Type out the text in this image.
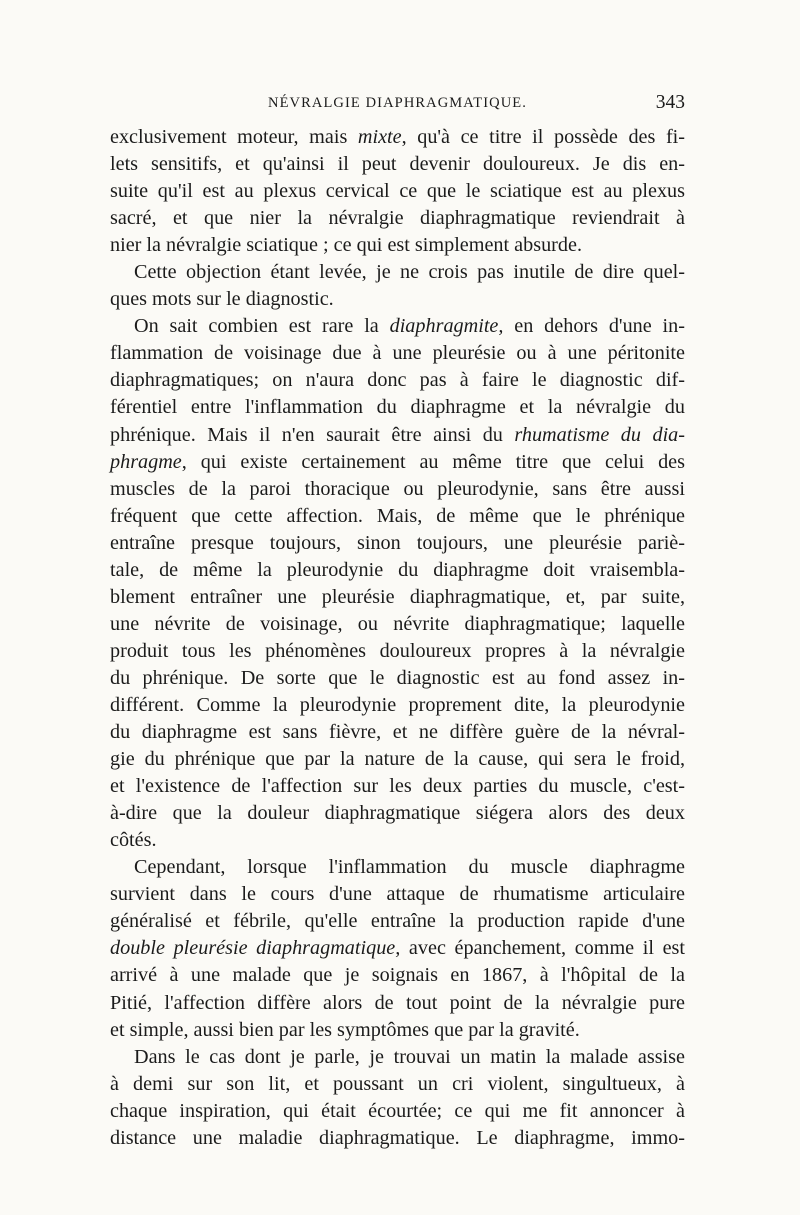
NÉVRALGIE DIAPHRAGMATIQUE.	343
exclusivement moteur, mais mixte, qu'à ce titre il possède des fi-
lets sensitifs, et qu'ainsi il peut devenir douloureux. Je dis en-
suite qu'il est au plexus cervical ce que le sciatique est au plexus
sacré, et que nier la névralgie diaphragmatique reviendrait à
nier la névralgie sciatique ; ce qui est simplement absurde.
Cette objection étant levée, je ne crois pas inutile de dire quel-
ques mots sur le diagnostic.
On sait combien est rare la diaphragmite, en dehors d'une in-
flammation de voisinage due à une pleurésie ou à une péritonite
diaphragmatiques; on n'aura donc pas à faire le diagnostic dif-
férentiel entre l'inflammation du diaphragme et la névralgie du
phrénique. Mais il n'en saurait être ainsi du rhumatisme du dia-
phragme, qui existe certainement au même titre que celui des
muscles de la paroi thoracique ou pleurodynie, sans être aussi
fréquent que cette affection. Mais, de même que le phrénique
entraîne presque toujours, sinon toujours, une pleurésie pariè-
tale, de même la pleurodynie du diaphragme doit vraisembla-
blement entraîner une pleurésie diaphragmatique, et, par suite,
une névrite de voisinage, ou névrite diaphragmatique; laquelle
produit tous les phénomènes douloureux propres à la névralgie
du phrénique. De sorte que le diagnostic est au fond assez in-
différent. Comme la pleurodynie proprement dite, la pleurodynie
du diaphragme est sans fièvre, et ne diffère guère de la névral-
gie du phrénique que par la nature de la cause, qui sera le froid,
et l'existence de l'affection sur les deux parties du muscle, c'est-
à-dire que la douleur diaphragmatique siégera alors des deux
côtés.
Cependant, lorsque l'inflammation du muscle diaphragme
survient dans le cours d'une attaque de rhumatisme articulaire
généralisé et fébrile, qu'elle entraîne la production rapide d'une
double pleurésie diaphragmatique, avec épanchement, comme il est
arrivé à une malade que je soignais en 1867, à l'hôpital de la
Pitié, l'affection diffère alors de tout point de la névralgie pure
et simple, aussi bien par les symptômes que par la gravité.
Dans le cas dont je parle, je trouvai un matin la malade assise
à demi sur son lit, et poussant un cri violent, singultueux, à
chaque inspiration, qui était écourtée; ce qui me fit annoncer à
distance une maladie diaphragmatique. Le diaphragme, immo-
